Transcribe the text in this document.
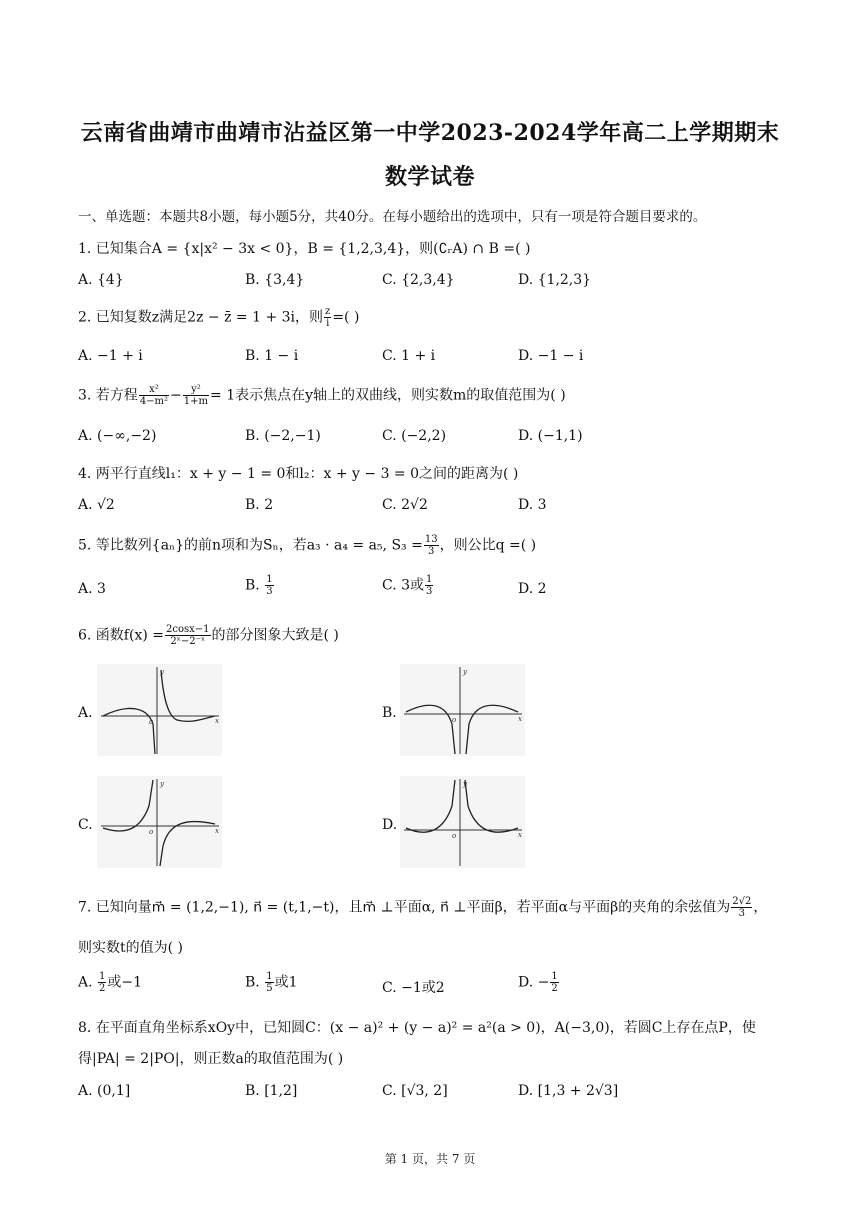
云南省曲靖市曲靖市沾益区第一中学2023-2024学年高二上学期期末
数学试卷
一、单选题：本题共8小题，每小题5分，共40分。在每小题给出的选项中，只有一项是符合题目要求的。
1. 已知集合A = {x|x² − 3x < 0}，B = {1,2,3,4}，则(∁ᵣA) ∩ B =( )
A. {4}	B. {3,4}	C. {2,3,4}	D. {1,2,3}
2. 已知复数z满足2z − z̄ = 1 + 3i，则 $\frac{z}{i}$ =( )
A. −1 + i	B. 1 − i	C. 1 + i	D. −1 − i
3. 若方程 $\frac{\text{x²}}{\text{4−m²}} - \frac{\text{y²}}{1+m} = 1$表示焦点在y轴上的双曲线，则实数m的取值范围为( )
A. (−∞,−2)	B. (−2,−1)	C. (−2,2)	D. (−1,1)
4. 两平行直线l₁：x + y − 1 = 0和l₂：x + y − 3 = 0之间的距离为( )
A. √2	B. 2	C. 2√2	D. 3
5. 等比数列{aₙ}的前n项和为Sₙ，若a₃ · a₄ = a₅, $S_3 = \frac{13}{3}$ ，则公比q =( )
A. 3	B. $\frac{1}{3}$	C. 3或 $\frac{1}{3}$	D. 2
6. 函数$f(x) = \frac{2\cos x-1}{\text{2ˣ−2⁻ˣ}}$ 的部分图象大致是( )
A.
o
y
x	B.	o
y
x
C.	o
y
x	D.
o
y
x
7. 已知向量m⃗ = (1,2,−1), n⃗ = (t,1,−t)，且m⃗ ⊥平面α, n⃗ ⊥平面β，若平面α与平面β的夹角的余弦值为 $\frac{2√2}{3}$ ，
则实数t的值为( )
A. $\frac{1}{2}$ 或−1	B. $\frac{1}{5}$ 或1	C. −1或2	D. − $\frac{1}{2}$
8. 在平面直角坐标系xOy中，已知圆C：(x − a)² + (y − a)² = a²(a > 0)，A(−3,0)，若圆C上存在点P，使
得|PA| = 2|PO|，则正数a的取值范围为( )
A. (0,1]	B. [1,2]	C. [√3, 2]	D. [1,3 + 2√3]
第 1 页，共 7 页
